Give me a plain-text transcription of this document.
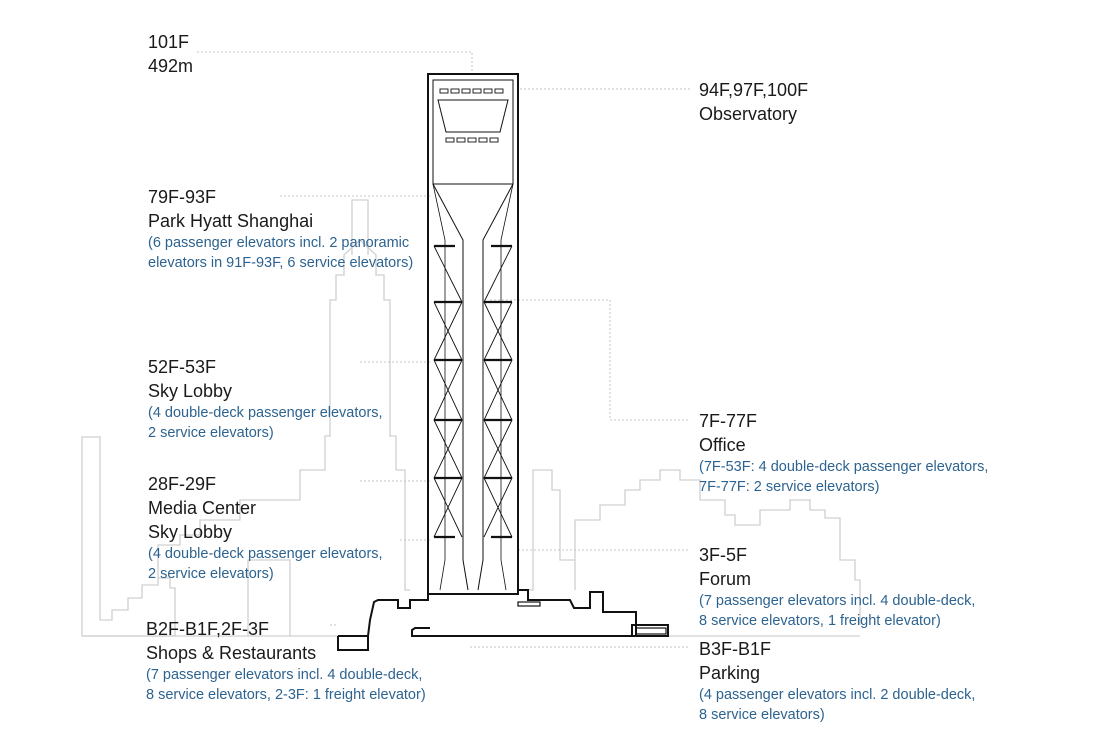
101F
492m
94F,97F,100F
Observatory
79F-93F
Park Hyatt Shanghai
(6 passenger elevators incl. 2 panoramic
elevators in 91F-93F, 6 service elevators)
52F-53F
Sky Lobby
(4 double-deck passenger elevators,
2 service elevators)
7F-77F
Office
(7F-53F: 4 double-deck passenger elevators,
7F-77F: 2 service elevators)
28F-29F
Media Center
Sky Lobby
(4 double-deck passenger elevators,
2 service elevators)
3F-5F
Forum
(7 passenger elevators incl. 4 double-deck,
8 service elevators, 1 freight elevator)
B2F-B1F,2F-3F
Shops & Restaurants
(7 passenger elevators incl. 4 double-deck,
8 service elevators, 2-3F: 1 freight elevator)
B3F-B1F
Parking
(4 passenger elevators incl. 2 double-deck,
8 service elevators)
